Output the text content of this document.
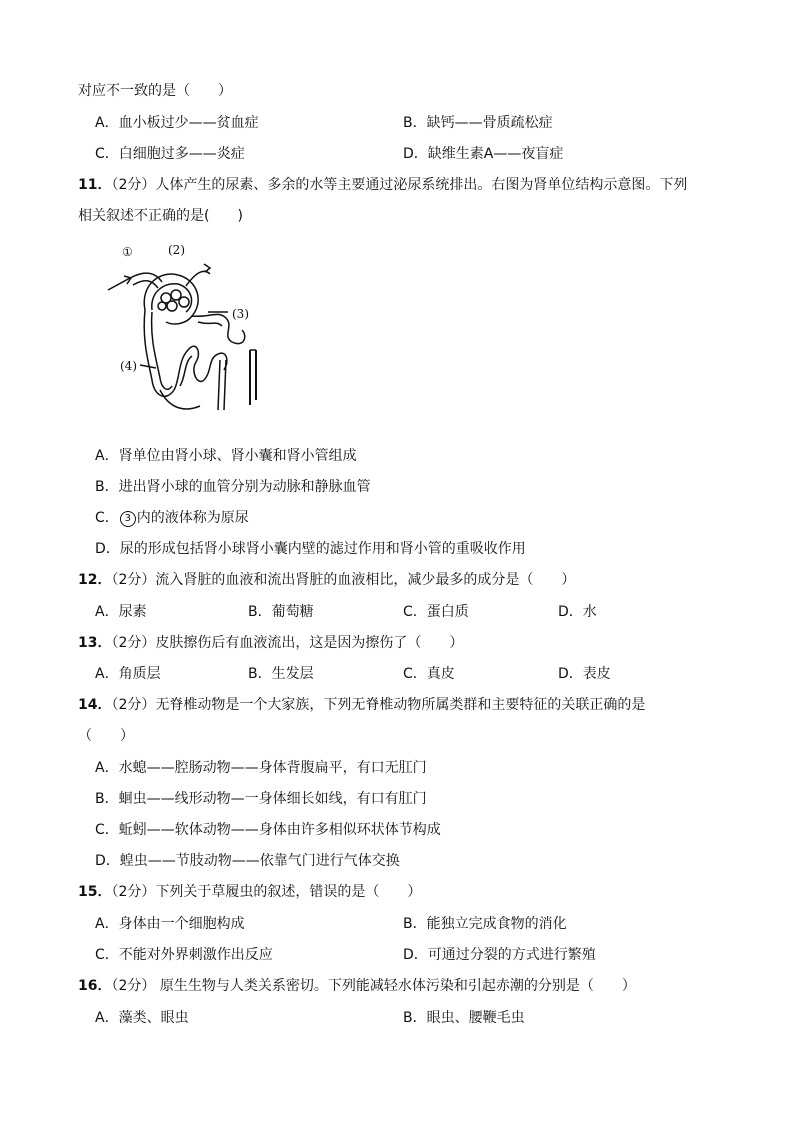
对应不一致的是（　　）
A．血小板过少——贫血症	B．缺钙——骨质疏松症
C．白细胞过多——炎症	D．缺维生素A——夜盲症
11．（2分）人体产生的尿素、多余的水等主要通过泌尿系统排出。右图为肾单位结构示意图。下列
相关叙述不正确的是(　　)
①	(2)
(3)
(4)
A．肾单位由肾小球、肾小囊和肾小管组成
B．进出肾小球的血管分别为动脉和静脉血管
C． 3 内的液体称为原尿
D．尿的形成包括肾小球肾小囊内壁的滤过作用和肾小管的重吸收作用
12．（2分）流入肾脏的血液和流出肾脏的血液相比，减少最多的成分是（　　）
A．尿素	B．葡萄糖	C．蛋白质	D．水
13．（2分）皮肤擦伤后有血液流出，这是因为擦伤了（　　）
A．角质层	B．生发层	C．真皮	D．表皮
14．（2分）无脊椎动物是一个大家族，下列无脊椎动物所属类群和主要特征的关联正确的是
（　　）
A．水螅——腔肠动物——身体背腹扁平，有口无肛门
B．蛔虫——线形动物—一身体细长如线，有口有肛门
C．蚯蚓——软体动物——身体由许多相似环状体节构成
D．蝗虫——节肢动物——依靠气门进行气体交换
15．（2分）下列关于草履虫的叙述，错误的是（　　）
A．身体由一个细胞构成	B．能独立完成食物的消化
C．不能对外界刺激作出反应	D．可通过分裂的方式进行繁殖
16．（2分） 原生生物与人类关系密切。下列能减轻水体污染和引起赤潮的分别是（　　）
A．藻类、眼虫	B．眼虫、腰鞭毛虫
